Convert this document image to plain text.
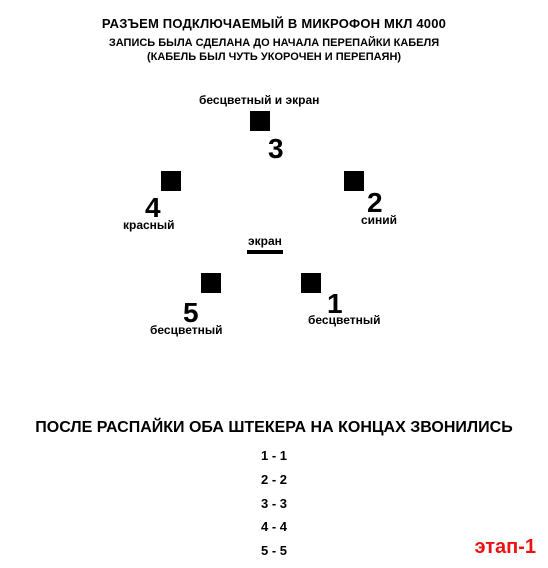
РАЗЪЕМ ПОДКЛЮЧАЕМЫЙ В МИКРОФОН МКЛ 4000
ЗАПИСЬ БЫЛА СДЕЛАНА ДО НАЧАЛА ПЕРЕПАЙКИ КАБЕЛЯ
(КАБЕЛЬ БЫЛ ЧУТЬ УКОРОЧЕН И ПЕРЕПАЯН)
бесцветный и экран
3
4
красный
2
синий
экран
5
бесцветный
1
бесцветный
ПОСЛЕ РАСПАЙКИ ОБА ШТЕКЕРА НА КОНЦАХ ЗВОНИЛИСЬ
1 - 1
2 - 2
3 - 3
4 - 4
5 - 5	этап-1
